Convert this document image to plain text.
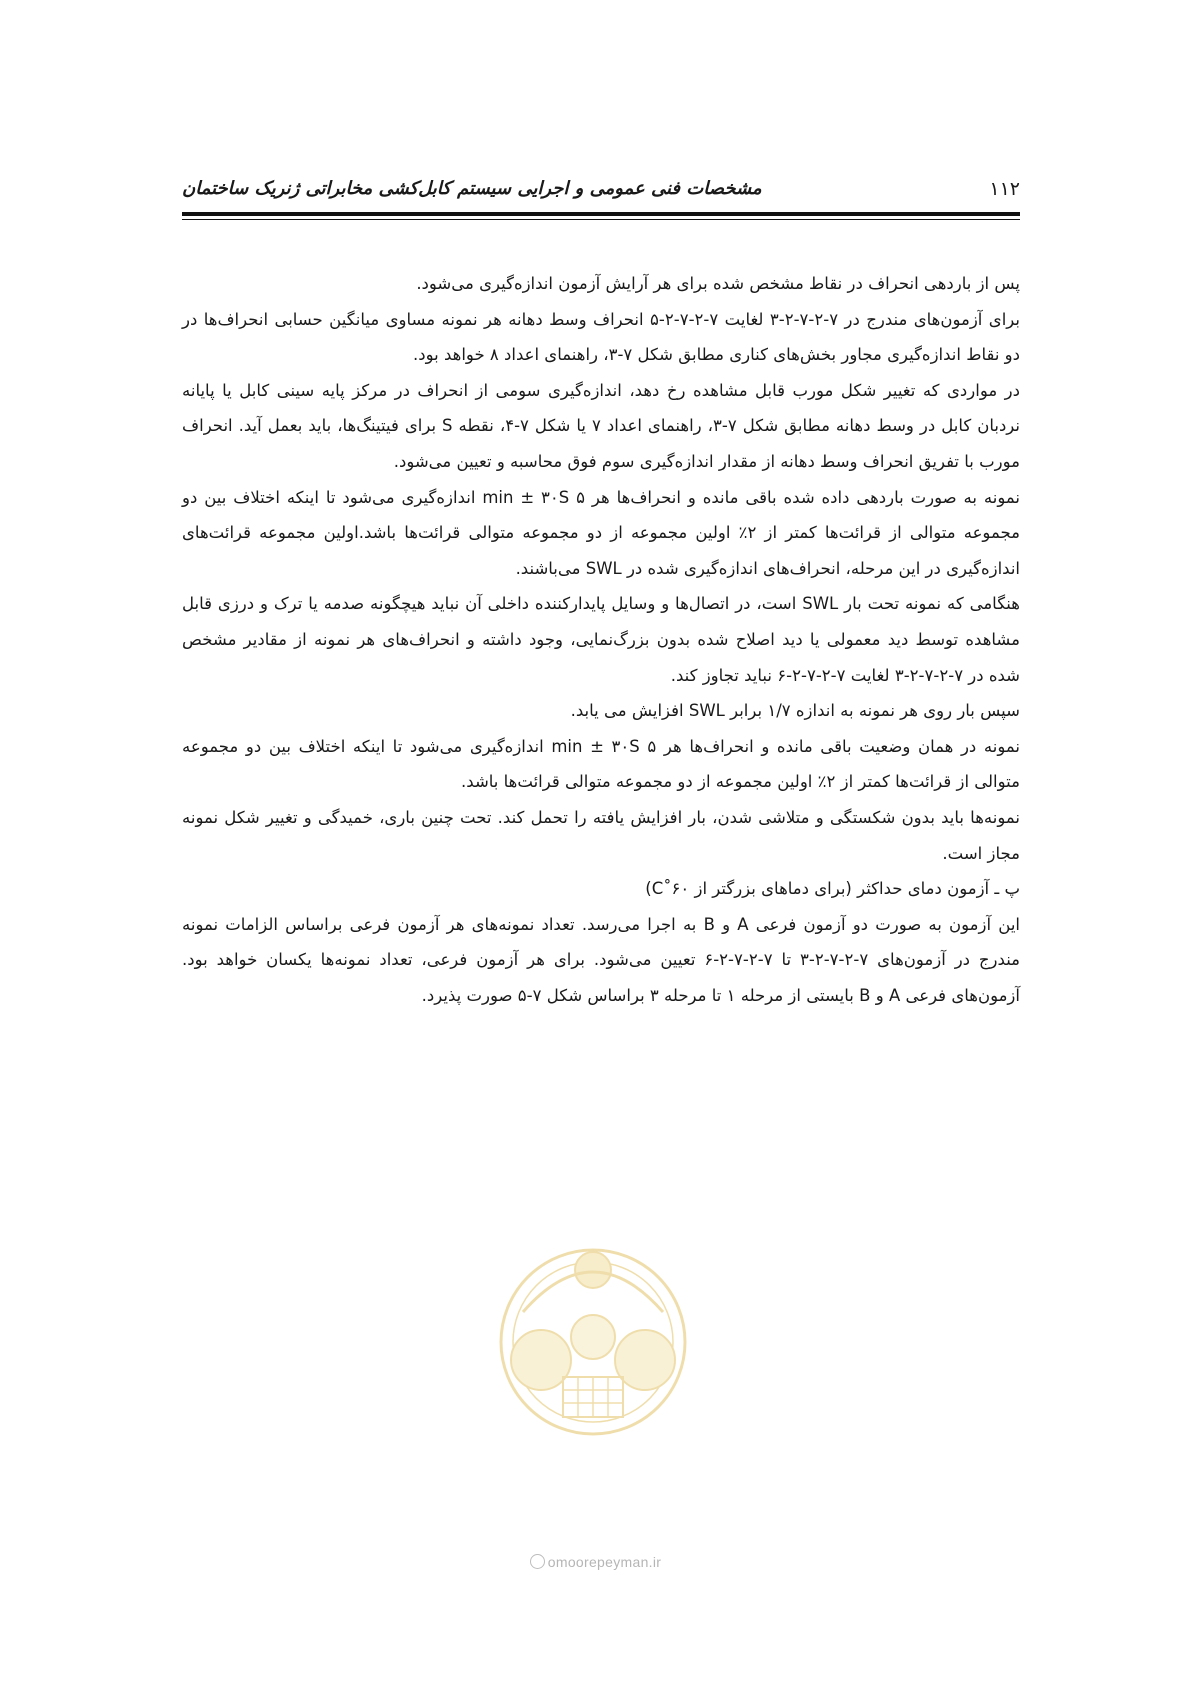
۱۱۲
مشخصات فنی عمومی و اجرایی سیستم کابل‌کشی مخابراتی ژنریک ساختمان

پس از باردهی انحراف در نقاط مشخص شده برای هر آرایش آزمون اندازه‌گیری می‌شود.

برای آزمون‌های مندرج در ۷-۲-۷-۲-۳ لغایت ۷-۲-۷-۲-۵ انحراف وسط دهانه هر نمونه مساوی میانگین حسابی انحراف‌ها در دو نقاط اندازه‌گیری مجاور بخش‌های کناری مطابق شکل ۷-۳، راهنمای اعداد ۸ خواهد بود.

در مواردی که تغییر شکل مورب قابل مشاهده رخ دهد، اندازه‌گیری سومی از انحراف در مرکز پایه سینی کابل یا پایانه نردبان کابل در وسط دهانه مطابق شکل ۷-۳، راهنمای اعداد ۷ یا شکل ۷-۴، نقطه S برای فیتینگ‌ها، باید بعمل آید. انحراف مورب با تفریق انحراف وسط دهانه از مقدار اندازه‌گیری سوم فوق محاسبه و تعیین می‌شود.

نمونه به صورت باردهی داده شده باقی مانده و انحراف‌ها هر ۵ min ± ۳۰S اندازه‌گیری می‌شود تا اینکه اختلاف بین دو مجموعه متوالی از قرائت‌ها کمتر از ۲٪ اولین مجموعه از دو مجموعه متوالی قرائت‌ها باشد.اولین مجموعه قرائت‌های اندازه‌گیری در این مرحله، انحراف‌های اندازه‌گیری شده در SWL می‌باشند.

هنگامی که نمونه تحت بار SWL است، در اتصال‌ها و وسایل پایدارکننده داخلی آن نباید هیچگونه صدمه یا ترک و درزی قابل مشاهده توسط دید معمولی یا دید اصلاح شده بدون بزرگ‌نمایی، وجود داشته و انحراف‌های هر نمونه از مقادیر مشخص شده در ۷-۲-۷-۲-۳ لغایت ۷-۲-۷-۲-۶ نباید تجاوز کند.

سپس بار روی هر نمونه به اندازه ۱/۷ برابر SWL افزایش می یابد.

نمونه در همان وضعیت باقی مانده و انحراف‌ها هر ۵ min ± ۳۰S اندازه‌گیری می‌شود تا اینکه اختلاف بین دو مجموعه متوالی از قرائت‌ها کمتر از ۲٪ اولین مجموعه از دو مجموعه متوالی قرائت‌ها باشد.

نمونه‌ها باید بدون شکستگی و متلاشی شدن، بار افزایش یافته را تحمل کند. تحت چنین باری، خمیدگی و تغییر شکل نمونه مجاز است.

پ ـ آزمون دمای حداکثر (برای دماهای بزرگتر از ۶۰˚C)

این آزمون به صورت دو آزمون فرعی A و B به اجرا می‌رسد. تعداد نمونه‌های هر آزمون فرعی براساس الزامات نمونه مندرج در آزمون‌های ۷-۲-۷-۲-۳ تا ۷-۲-۷-۲-۶ تعیین می‌شود. برای هر آزمون فرعی، تعداد نمونه‌ها یکسان خواهد بود. آزمون‌های فرعی A و B بایستی از مرحله ۱ تا مرحله ۳ براساس شکل ۷-۵ صورت پذیرد.

omoorepeyman.ir
